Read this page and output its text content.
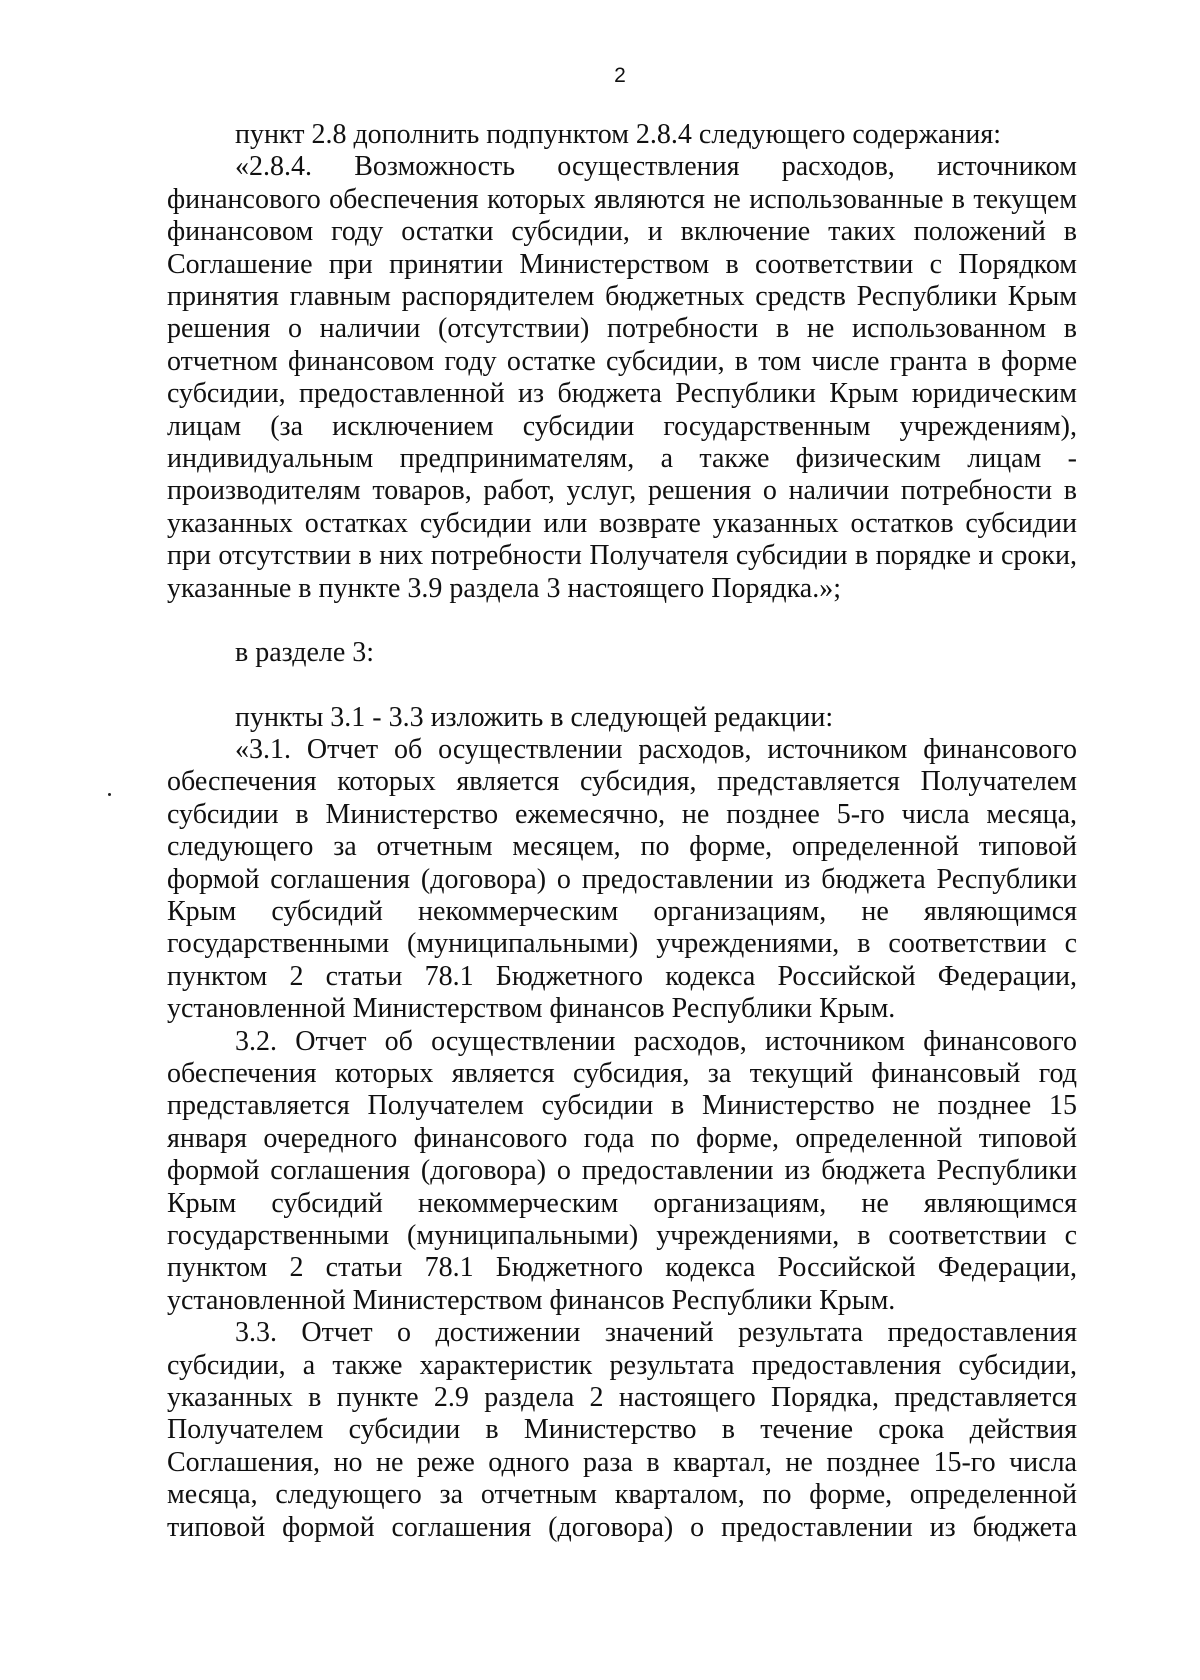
2

пункт 2.8 дополнить подпунктом 2.8.4 следующего содержания:

«2.8.4. Возможность осуществления расходов, источником финансового обеспечения которых являются не использованные в текущем финансовом году остатки субсидии, и включение таких положений в Соглашение при принятии Министерством в соответствии с Порядком принятия главным распорядителем бюджетных средств Республики Крым решения о наличии (отсутствии) потребности в не использованном в отчетном финансовом году остатке субсидии, в том числе гранта в форме субсидии, предоставленной из бюджета Республики Крым юридическим лицам (за исключением субсидии государственным учреждениям), индивидуальным предпринимателям, а также физическим лицам - производителям товаров, работ, услуг, решения о наличии потребности в указанных остатках субсидии или возврате указанных остатков субсидии при отсутствии в них потребности Получателя субсидии в порядке и сроки, указанные в пункте 3.9 раздела 3 настоящего Порядка.»;

в разделе 3:

пункты 3.1 - 3.3 изложить в следующей редакции:

«3.1. Отчет об осуществлении расходов, источником финансового обеспечения которых является субсидия, представляется Получателем субсидии в Министерство ежемесячно, не позднее 5-го числа месяца, следующего за отчетным месяцем, по форме, определенной типовой формой соглашения (договора) о предоставлении из бюджета Республики Крым субсидий некоммерческим организациям, не являющимся государственными (муниципальными) учреждениями, в соответствии с пунктом 2 статьи 78.1 Бюджетного кодекса Российской Федерации, установленной Министерством финансов Республики Крым.

3.2. Отчет об осуществлении расходов, источником финансового обеспечения которых является субсидия, за текущий финансовый год представляется Получателем субсидии в Министерство не позднее 15 января очередного финансового года по форме, определенной типовой формой соглашения (договора) о предоставлении из бюджета Республики Крым субсидий некоммерческим организациям, не являющимся государственными (муниципальными) учреждениями, в соответствии с пунктом 2 статьи 78.1 Бюджетного кодекса Российской Федерации, установленной Министерством финансов Республики Крым.

3.3. Отчет о достижении значений результата предоставления субсидии, а также характеристик результата предоставления субсидии, указанных в пункте 2.9 раздела 2 настоящего Порядка, представляется Получателем субсидии в Министерство в течение срока действия Соглашения, но не реже одного раза в квартал, не позднее 15-го числа месяца, следующего за отчетным кварталом, по форме, определенной типовой формой соглашения (договора) о предоставлении из бюджета
